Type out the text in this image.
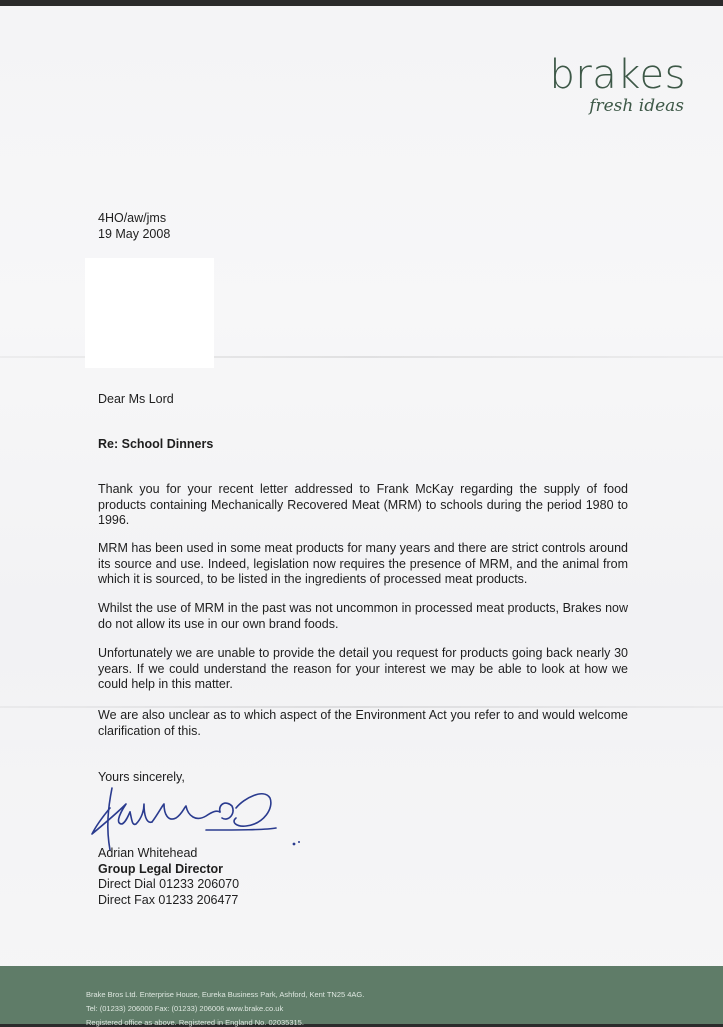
brakes
fresh ideas
4HO/aw/jms
19 May 2008
Dear Ms Lord
Re: School Dinners

Thank you for your recent letter addressed to Frank McKay regarding the supply of food products containing Mechanically Recovered Meat (MRM) to schools during the period 1980 to 1996.

MRM has been used in some meat products for many years and there are strict controls around its source and use. Indeed, legislation now requires the presence of MRM, and the animal from which it is sourced, to be listed in the ingredients of processed meat products.

Whilst the use of MRM in the past was not uncommon in processed meat products, Brakes now do not allow its use in our own brand foods.

Unfortunately we are unable to provide the detail you request for products going back nearly 30 years. If we could understand the reason for your interest we may be able to look at how we could help in this matter.

We are also unclear as to which aspect of the Environment Act you refer to and would welcome clarification of this.

Yours sincerely,
Adrian Whitehead
Group Legal Director
Direct Dial 01233 206070
Direct Fax 01233 206477
Brake Bros Ltd. Enterprise House, Eureka Business Park, Ashford, Kent TN25 4AG.
Tel: (01233) 206000 Fax: (01233) 206006 www.brake.co.uk
Registered office as above. Registered in England No. 02035315.
